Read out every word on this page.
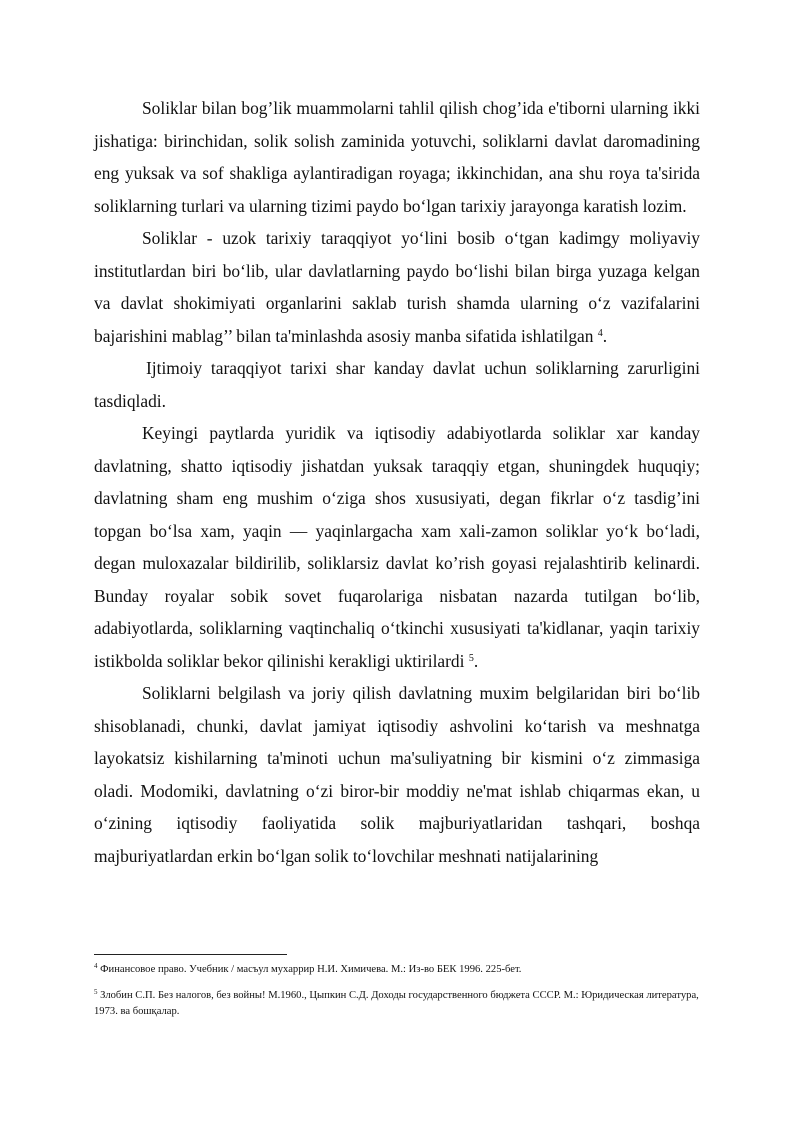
Soliklar bilan bog’lik muammolarni tahlil qilish chog’ida e'tiborni ularning ikki jishatiga: birinchidan, solik solish zaminida yotuvchi, soliklarni davlat daromadining eng yuksak va sof shakliga aylantiradigan royaga; ikkinchidan, ana shu roya ta'sirida soliklarning turlari va ularning tizimi paydo bo‘lgan tarixiy jarayonga karatish lozim.

Soliklar - uzok tarixiy taraqqiyot yo‘lini bosib o‘tgan kadimgy moliyaviy institutlardan biri bo‘lib, ular davlatlarning paydo bo‘lishi bilan birga yuzaga kelgan va davlat shokimiyati organlarini saklab turish shamda ularning o‘z vazifalarini bajarishini mablag’’ bilan ta'minlashda asosiy manba sifatida ishlatilgan $^4$.

Ijtimoiy taraqqiyot tarixi shar kanday davlat uchun soliklarning zarurligini tasdiqladi.

Keyingi paytlarda yuridik va iqtisodiy adabiyotlarda soliklar xar kanday davlatning, shatto iqtisodiy jishatdan yuksak taraqqiy etgan, shuningdek huquqiy; davlatning sham eng mushim o‘ziga shos xususiyati, degan fikrlar o‘z tasdig’ini topgan bo‘lsa xam, yaqin — yaqinlargacha xam xali-zamon soliklar yo‘k bo‘ladi, degan muloxazalar bildirilib, soliklarsiz davlat ko’rish goyasi rejalashtirib kelinardi. Bunday royalar sobik sovet fuqarolariga nisbatan nazarda tutilgan bo‘lib, adabiyotlarda, soliklarning vaqtinchaliq o‘tkinchi xususiyati ta'kidlanar, yaqin tarixiy istikbolda soliklar bekor qilinishi kerakligi uktirilardi $^5$.

Soliklarni belgilash va joriy qilish davlatning muxim belgilaridan biri bo‘lib shisoblanadi, chunki, davlat jamiyat iqtisodiy ashvolini ko‘tarish va meshnatga layokatsiz kishilarning ta'minoti uchun ma'suliyatning bir kismini o‘z zimmasiga oladi. Modomiki, davlatning o‘zi biror-bir moddiy ne'mat ishlab chiqarmas ekan, u o‘zining iqtisodiy faoliyatida solik majburiyatlaridan tashqari, boshqa majburiyatlardan erkin bo‘lgan solik to‘lovchilar meshnati natijalarining

$^4$ Финансовое право. Учебник / масъул мухаррир Н.И. Химичева. М.: Из-во БЕК 1996. 225-бет.

$^5$ Злобин С.П. Без налогов, без войны! М.1960., Цыпкин С.Д. Доходы государственного бюджета СССР. М.: Юридическая литература, 1973. ва бошқалар.
